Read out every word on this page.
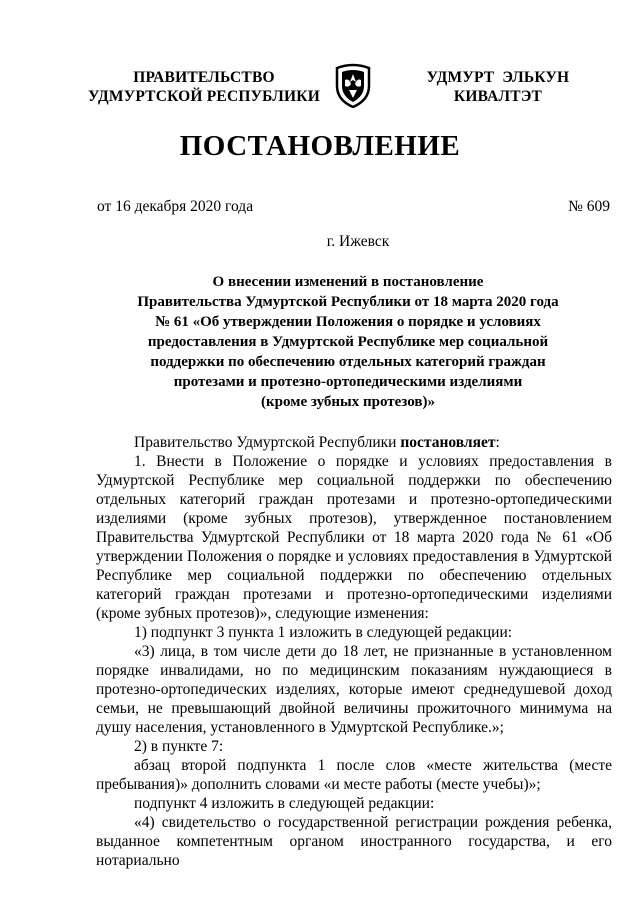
ПРАВИТЕЛЬСТВО
УДМУРТСКОЙ РЕСПУБЛИКИ
УДМУРТ ЭЛЬКУН
КИВАЛТЭТ
ПОСТАНОВЛЕНИЕ
от 16 декабря 2020 года	№ 609
г. Ижевск
О внесении изменений в постановление
Правительства Удмуртской Республики от 18 марта 2020 года
№ 61 «Об утверждении Положения о порядке и условиях
предоставления в Удмуртской Республике мер социальной
поддержки по обеспечению отдельных категорий граждан
протезами и протезно-ортопедическими изделиями
(кроме зубных протезов)»

Правительство Удмуртской Республики постановляет:

1. Внести в Положение о порядке и условиях предоставления в Удмуртской Республике мер социальной поддержки по обеспечению отдельных категорий граждан протезами и протезно-ортопедическими изделиями (кроме зубных протезов), утвержденное постановлением Правительства Удмуртской Республики от 18 марта 2020 года № 61 «Об утверждении Положения о порядке и условиях предоставления в Удмуртской Республике мер социальной поддержки по обеспечению отдельных категорий граждан протезами и протезно-ортопедическими изделиями (кроме зубных протезов)», следующие изменения:

1) подпункт 3 пункта 1 изложить в следующей редакции:

«3) лица, в том числе дети до 18 лет, не признанные в установленном порядке инвалидами, но по медицинским показаниям нуждающиеся в протезно-ортопедических изделиях, которые имеют среднедушевой доход семьи, не превышающий двойной величины прожиточного минимума на душу населения, установленного в Удмуртской Республике.»;

2) в пункте 7:

абзац второй подпункта 1 после слов «месте жительства (месте пребывания)» дополнить словами «и месте работы (месте учебы)»;

подпункт 4 изложить в следующей редакции:

«4) свидетельство о государственной регистрации рождения ребенка, выданное компетентным органом иностранного государства, и его нотариально
